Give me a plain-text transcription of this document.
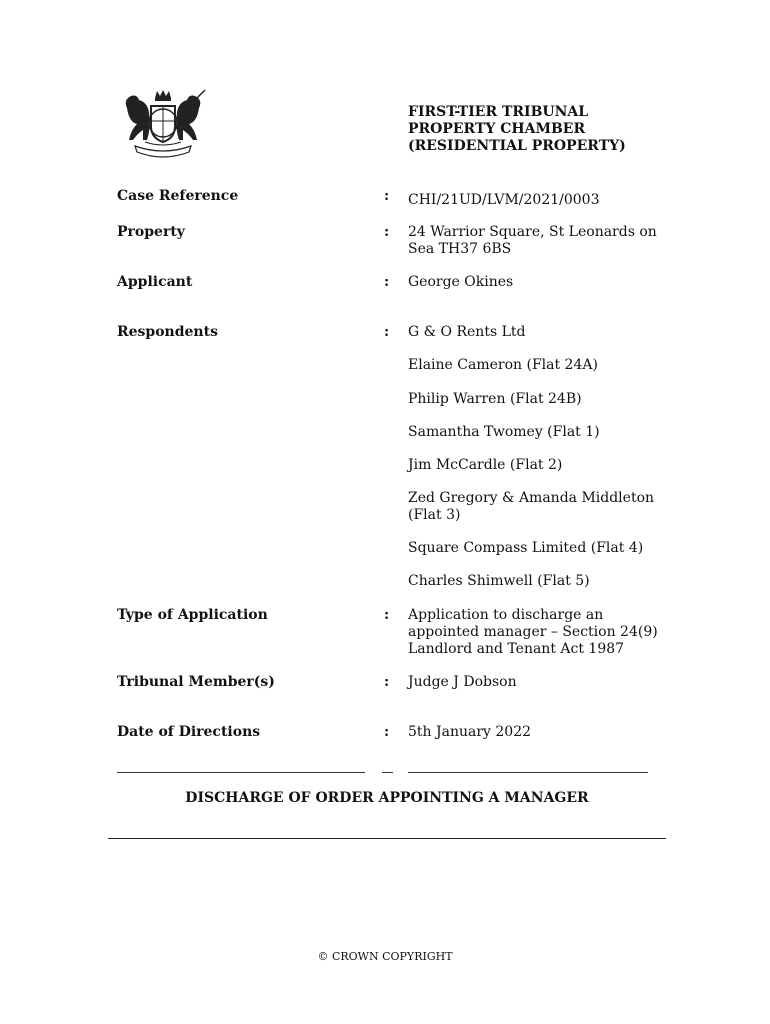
FIRST-TIER TRIBUNAL
PROPERTY CHAMBER
(RESIDENTIAL PROPERTY)
Case Reference	: CHI/21UD/LVM/2021/0003
Property	: 24 Warrior Square, St Leonards on
Sea TH37 6BS
Applicant	: George Okines
Respondents	: G & O Rents Ltd
Elaine Cameron (Flat 24A)
Philip Warren (Flat 24B)
Samantha Twomey (Flat 1)
Jim McCardle (Flat 2)
Zed Gregory & Amanda Middleton
(Flat 3)
Square Compass Limited (Flat 4)
Charles Shimwell (Flat 5)
Type of Application	: Application to discharge an
appointed manager – Section 24(9)
Landlord and Tenant Act 1987
Tribunal Member(s)	: Judge J Dobson
Date of Directions	: 5th January 2022
DISCHARGE OF ORDER APPOINTING A MANAGER
© CROWN COPYRIGHT
